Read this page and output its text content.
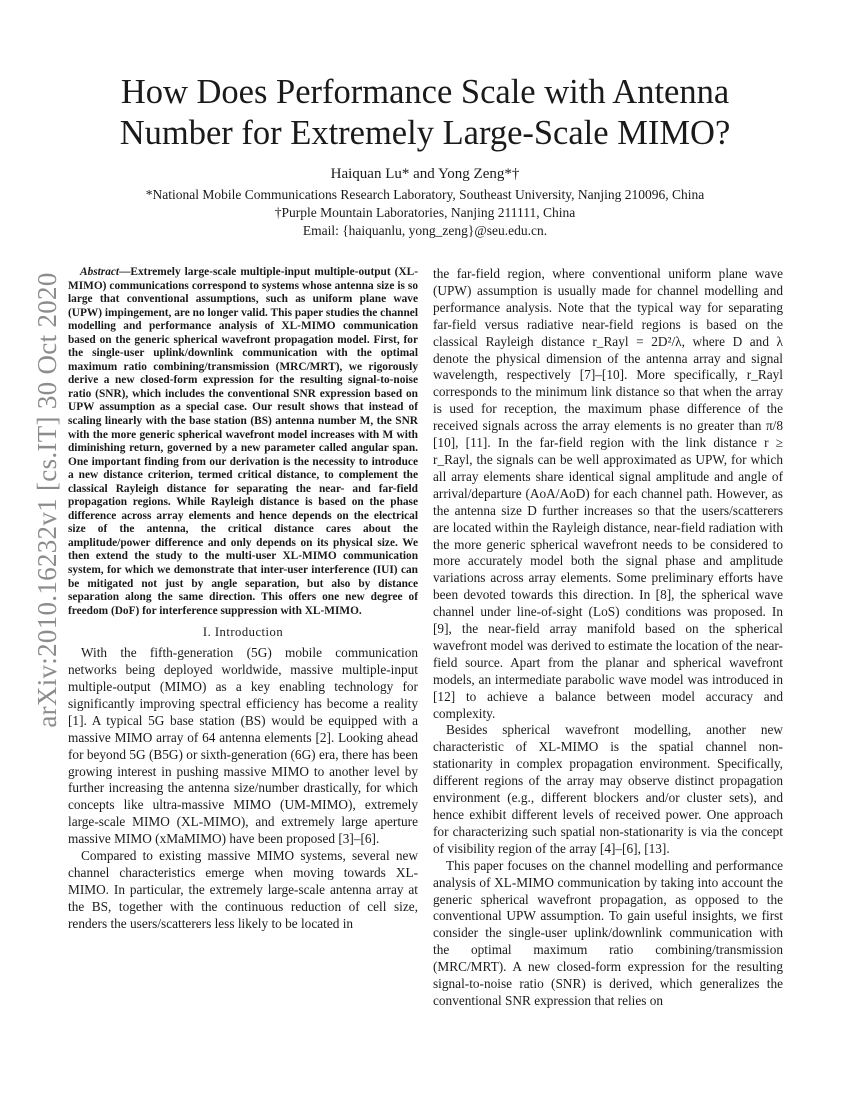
arXiv:2010.16232v1 [cs.IT] 30 Oct 2020
How Does Performance Scale with Antenna
Number for Extremely Large-Scale MIMO?
Haiquan Lu* and Yong Zeng*†
*National Mobile Communications Research Laboratory, Southeast University, Nanjing 210096, China
†Purple Mountain Laboratories, Nanjing 211111, China
Email: {haiquanlu, yong_zeng}@seu.edu.cn.

Abstract—Extremely large-scale multiple-input multiple-output (XL-MIMO) communications correspond to systems whose antenna size is so large that conventional assumptions, such as uniform plane wave (UPW) impingement, are no longer valid. This paper studies the channel modelling and performance analysis of XL-MIMO communication based on the generic spherical wavefront propagation model. First, for the single-user uplink/downlink communication with the optimal maximum ratio combining/transmission (MRC/MRT), we rigorously derive a new closed-form expression for the resulting signal-to-noise ratio (SNR), which includes the conventional SNR expression based on UPW assumption as a special case. Our result shows that instead of scaling linearly with the base station (BS) antenna number M, the SNR with the more generic spherical wavefront model increases with M with diminishing return, governed by a new parameter called angular span. One important finding from our derivation is the necessity to introduce a new distance criterion, termed critical distance, to complement the classical Rayleigh distance for separating the near- and far-field propagation regions. While Rayleigh distance is based on the phase difference across array elements and hence depends on the electrical size of the antenna, the critical distance cares about the amplitude/power difference and only depends on its physical size. We then extend the study to the multi-user XL-MIMO communication system, for which we demonstrate that inter-user interference (IUI) can be mitigated not just by angle separation, but also by distance separation along the same direction. This offers one new degree of freedom (DoF) for interference suppression with XL-MIMO.

I. Introduction

With the fifth-generation (5G) mobile communication networks being deployed worldwide, massive multiple-input multiple-output (MIMO) as a key enabling technology for significantly improving spectral efficiency has become a reality [1]. A typical 5G base station (BS) would be equipped with a massive MIMO array of 64 antenna elements [2]. Looking ahead for beyond 5G (B5G) or sixth-generation (6G) era, there has been growing interest in pushing massive MIMO to another level by further increasing the antenna size/number drastically, for which concepts like ultra-massive MIMO (UM-MIMO), extremely large-scale MIMO (XL-MIMO), and extremely large aperture massive MIMO (xMaMIMO) have been proposed [3]–[6].

Compared to existing massive MIMO systems, several new channel characteristics emerge when moving towards XL-MIMO. In particular, the extremely large-scale antenna array at the BS, together with the continuous reduction of cell size, renders the users/scatterers less likely to be located in

the far-field region, where conventional uniform plane wave (UPW) assumption is usually made for channel modelling and performance analysis. Note that the typical way for separating far-field versus radiative near-field regions is based on the classical Rayleigh distance r_Rayl = 2D²/λ, where D and λ denote the physical dimension of the antenna array and signal wavelength, respectively [7]–[10]. More specifically, r_Rayl corresponds to the minimum link distance so that when the array is used for reception, the maximum phase difference of the received signals across the array elements is no greater than π/8 [10], [11]. In the far-field region with the link distance r ≥ r_Rayl, the signals can be well approximated as UPW, for which all array elements share identical signal amplitude and angle of arrival/departure (AoA/AoD) for each channel path. However, as the antenna size D further increases so that the users/scatterers are located within the Rayleigh distance, near-field radiation with the more generic spherical wavefront needs to be considered to more accurately model both the signal phase and amplitude variations across array elements. Some preliminary efforts have been devoted towards this direction. In [8], the spherical wave channel under line-of-sight (LoS) conditions was proposed. In [9], the near-field array manifold based on the spherical wavefront model was derived to estimate the location of the near-field source. Apart from the planar and spherical wavefront models, an intermediate parabolic wave model was introduced in [12] to achieve a balance between model accuracy and complexity.

Besides spherical wavefront modelling, another new characteristic of XL-MIMO is the spatial channel non-stationarity in complex propagation environment. Specifically, different regions of the array may observe distinct propagation environment (e.g., different blockers and/or cluster sets), and hence exhibit different levels of received power. One approach for characterizing such spatial non-stationarity is via the concept of visibility region of the array [4]–[6], [13].

This paper focuses on the channel modelling and performance analysis of XL-MIMO communication by taking into account the generic spherical wavefront propagation, as opposed to the conventional UPW assumption. To gain useful insights, we first consider the single-user uplink/downlink communication with the optimal maximum ratio combining/transmission (MRC/MRT). A new closed-form expression for the resulting signal-to-noise ratio (SNR) is derived, which generalizes the conventional SNR expression that relies on
